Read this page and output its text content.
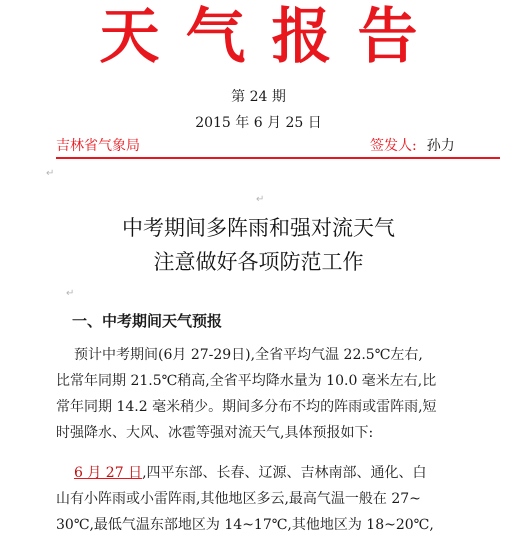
天气报告
第 24 期
2015 年 6 月 25 日
吉林省气象局	签发人: 孙力
↵
↵
中考期间多阵雨和强对流天气
注意做好各项防范工作
↵
一、中考期间天气预报
预计中考期间(6月 27-29日),全省平均气温 22.5℃左右,
比常年同期 21.5℃稍高,全省平均降水量为 10.0 毫米左右,比
常年同期 14.2 毫米稍少。期间多分布不均的阵雨或雷阵雨,短
时强降水、大风、冰雹等强对流天气,具体预报如下:
6 月 27 日,四平东部、长春、辽源、吉林南部、通化、白
山有小阵雨或小雷阵雨,其他地区多云,最高气温一般在 27~
30℃,最低气温东部地区为 14~17℃,其他地区为 18~20℃,
